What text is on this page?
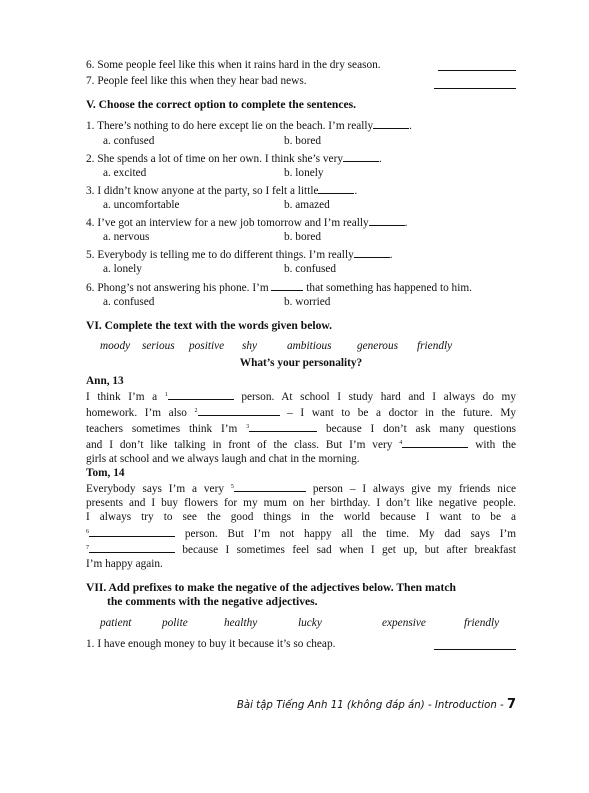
6. Some people feel like this when it rains hard in the dry season.
7. People feel like this when they hear bad news.
V. Choose the correct option to complete the sentences.
1. There’s nothing to do here except lie on the beach. I’m really	.
a. confused	b. bored
2. She spends a lot of time on her own. I think she’s very	.
a. excited	b. lonely
3. I didn’t know anyone at the party, so I felt a little	.
a. uncomfortable	b. amazed
4. I’ve got an interview for a new job tomorrow and I’m really	.
a. nervous	b. bored
5. Everybody is telling me to do different things. I’m really	.
a. lonely	b. confused
6. Phong’s not answering his phone. I’m	that something has happened to him.
a. confused	b. worried
VI. Complete the text with the words given below.
moody	serious	positive	shy	ambitious	generous	friendly
What’s your personality?
Ann, 13
I think I’m a $^1$	person. At school I study hard and I always do my
homework. I’m also $^2$	– I want to be a doctor in the future. My
teachers sometimes think I’m $^3$	because I don’t ask many questions
and I don’t like talking in front of the class. But I’m very $^4$	with the
girls at school and we always laugh and chat in the morning.
Tom, 14
Everybody says I’m a very $^5$	person – I always give my friends nice
presents and I buy flowers for my mum on her birthday. I don’t like negative people.
I always try to see the good things in the world because I want to be a
$^6$	person. But I’m not happy all the time. My dad says I’m
$^7$	because I sometimes feel sad when I get up, but after breakfast
I’m happy again.
VII. Add prefixes to make the negative of the adjectives below. Then match
the comments with the negative adjectives.
patient	polite	healthy	lucky	expensive	friendly
1. I have enough money to buy it because it’s so cheap.
Bài tập Tiếng Anh 11 (không đáp án) - Introduction - 7
